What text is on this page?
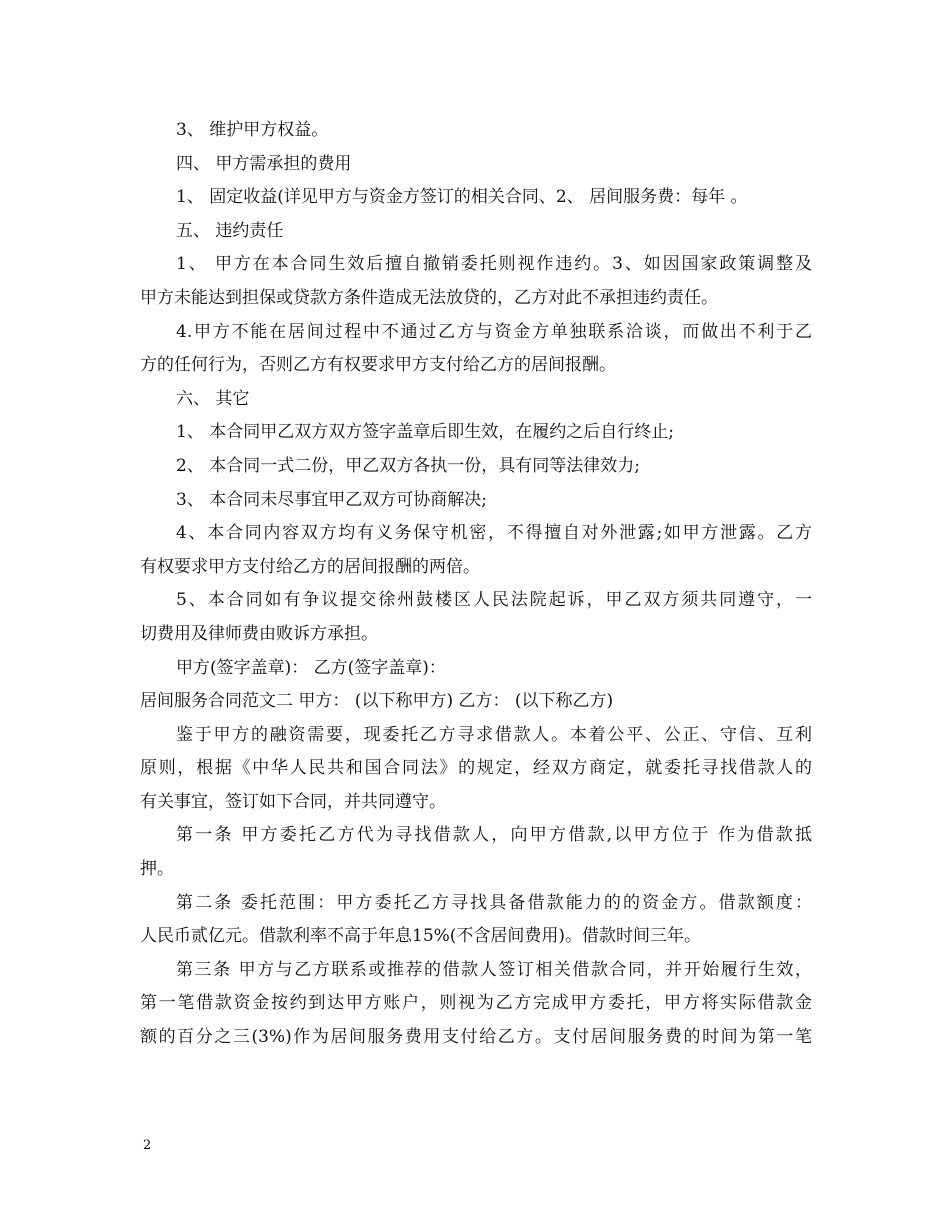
3、 维护甲方权益。
四、 甲方需承担的费用
1、 固定收益(详见甲方与资金方签订的相关合同、2、 居间服务费：每年 。
五、 违约责任
1、 甲方在本合同生效后擅自撤销委托则视作违约。3、如因国家政策调整及
甲方未能达到担保或贷款方条件造成无法放贷的，乙方对此不承担违约责任。
4.甲方不能在居间过程中不通过乙方与资金方单独联系洽谈，而做出不利于乙
方的任何行为，否则乙方有权要求甲方支付给乙方的居间报酬。
六、 其它
1、 本合同甲乙双方双方签字盖章后即生效，在履约之后自行终止;
2、 本合同一式二份，甲乙双方各执一份，具有同等法律效力;
3、 本合同未尽事宜甲乙双方可协商解决;
4、本合同内容双方均有义务保守机密，不得擅自对外泄露;如甲方泄露。乙方
有权要求甲方支付给乙方的居间报酬的两倍。
5、本合同如有争议提交徐州鼓楼区人民法院起诉，甲乙双方须共同遵守，一
切费用及律师费由败诉方承担。
甲方(签字盖章)： 乙方(签字盖章)：
居间服务合同范文二 甲方： (以下称甲方) 乙方： (以下称乙方)
鉴于甲方的融资需要，现委托乙方寻求借款人。本着公平、公正、守信、互利
原则，根据《中华人民共和国合同法》的规定，经双方商定，就委托寻找借款人的
有关事宜，签订如下合同，并共同遵守。
第一条 甲方委托乙方代为寻找借款人，向甲方借款,以甲方位于 作为借款抵
押。
第二条 委托范围：甲方委托乙方寻找具备借款能力的的资金方。借款额度：
人民币贰亿元。借款利率不高于年息15%(不含居间费用)。借款时间三年。
第三条 甲方与乙方联系或推荐的借款人签订相关借款合同，并开始履行生效，
第一笔借款资金按约到达甲方账户，则视为乙方完成甲方委托，甲方将实际借款金
额的百分之三(3%)作为居间服务费用支付给乙方。支付居间服务费的时间为第一笔
2
